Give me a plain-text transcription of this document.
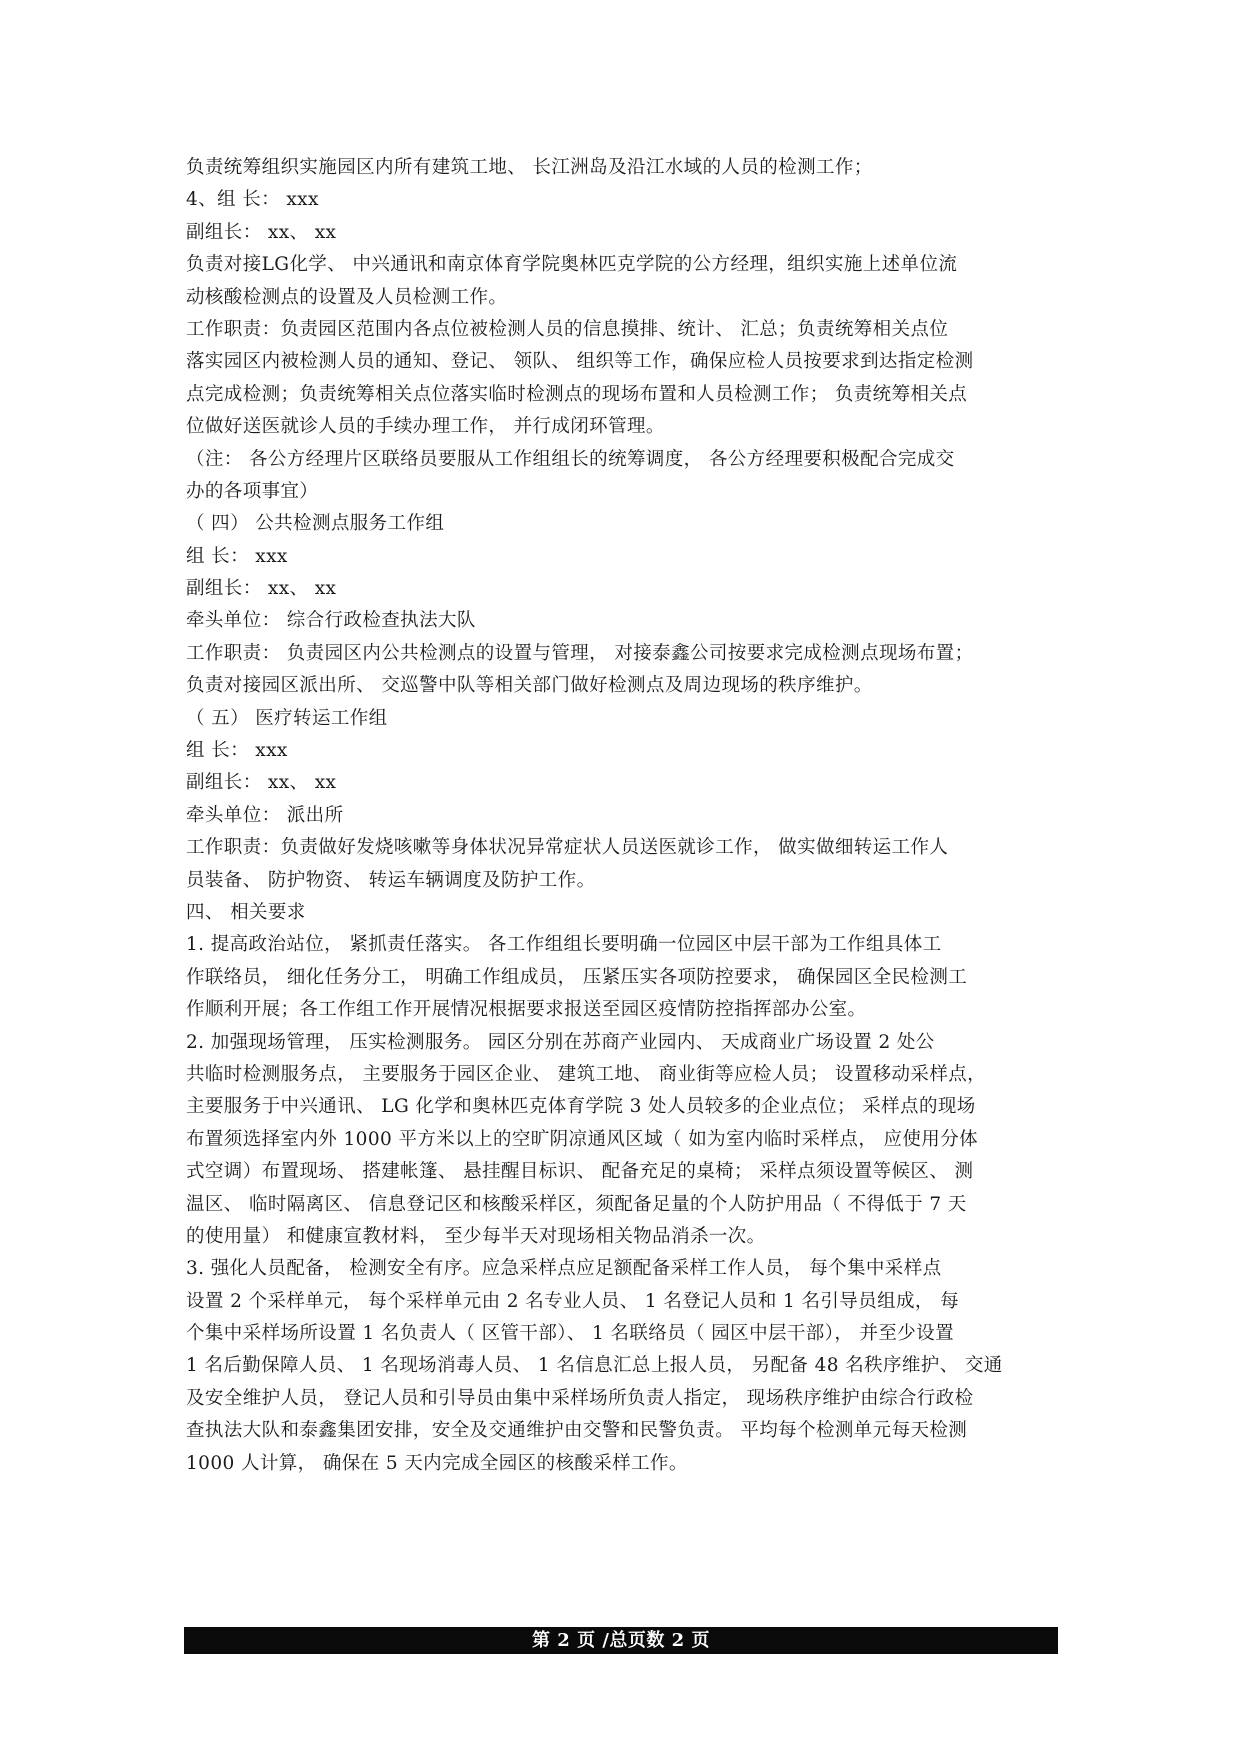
负责统筹组织实施园区内所有建筑工地、 长江洲岛及沿江水域的人员的检测工作；
4、组 长： xxx
副组长： xx、 xx
负责对接LG化学、 中兴通讯和南京体育学院奥林匹克学院的公方经理，组织实施上述单位流
动核酸检测点的设置及人员检测工作。
工作职责：负责园区范围内各点位被检测人员的信息摸排、统计、 汇总；负责统筹相关点位
落实园区内被检测人员的通知、登记、 领队、 组织等工作，确保应检人员按要求到达指定检测
点完成检测；负责统筹相关点位落实临时检测点的现场布置和人员检测工作； 负责统筹相关点
位做好送医就诊人员的手续办理工作， 并行成闭环管理。
（注： 各公方经理片区联络员要服从工作组组长的统筹调度， 各公方经理要积极配合完成交
办的各项事宜）
（ 四） 公共检测点服务工作组
组 长： xxx
副组长： xx、 xx
牵头单位： 综合行政检查执法大队
工作职责： 负责园区内公共检测点的设置与管理， 对接泰鑫公司按要求完成检测点现场布置；
负责对接园区派出所、 交巡警中队等相关部门做好检测点及周边现场的秩序维护。
（ 五） 医疗转运工作组
组 长： xxx
副组长： xx、 xx
牵头单位： 派出所
工作职责：负责做好发烧咳嗽等身体状况异常症状人员送医就诊工作， 做实做细转运工作人
员装备、 防护物资、 转运车辆调度及防护工作。
四、 相关要求
1. 提高政治站位， 紧抓责任落实。 各工作组组长要明确一位园区中层干部为工作组具体工
作联络员， 细化任务分工， 明确工作组成员， 压紧压实各项防控要求， 确保园区全民检测工
作顺利开展；各工作组工作开展情况根据要求报送至园区疫情防控指挥部办公室。
2. 加强现场管理， 压实检测服务。 园区分别在苏商产业园内、 天成商业广场设置 2 处公
共临时检测服务点， 主要服务于园区企业、 建筑工地、 商业街等应检人员； 设置移动采样点，
主要服务于中兴通讯、 LG 化学和奥林匹克体育学院 3 处人员较多的企业点位； 采样点的现场
布置须选择室内外 1000 平方米以上的空旷阴凉通风区域（ 如为室内临时采样点， 应使用分体
式空调）布置现场、 搭建帐篷、 悬挂醒目标识、 配备充足的桌椅； 采样点须设置等候区、 测
温区、 临时隔离区、 信息登记区和核酸采样区，须配备足量的个人防护用品（ 不得低于 7 天
的使用量） 和健康宣教材料， 至少每半天对现场相关物品消杀一次。
3. 强化人员配备， 检测安全有序。应急采样点应足额配备采样工作人员， 每个集中采样点
设置 2 个采样单元， 每个采样单元由 2 名专业人员、 1 名登记人员和 1 名引导员组成， 每
个集中采样场所设置 1 名负责人（ 区管干部）、 1 名联络员（ 园区中层干部）， 并至少设置
1 名后勤保障人员、 1 名现场消毒人员、 1 名信息汇总上报人员， 另配备 48 名秩序维护、 交通
及安全维护人员， 登记人员和引导员由集中采样场所负责人指定， 现场秩序维护由综合行政检
查执法大队和泰鑫集团安排，安全及交通维护由交警和民警负责。 平均每个检测单元每天检测
1000 人计算， 确保在 5 天内完成全园区的核酸采样工作。
第 2 页 /总页数 2 页
